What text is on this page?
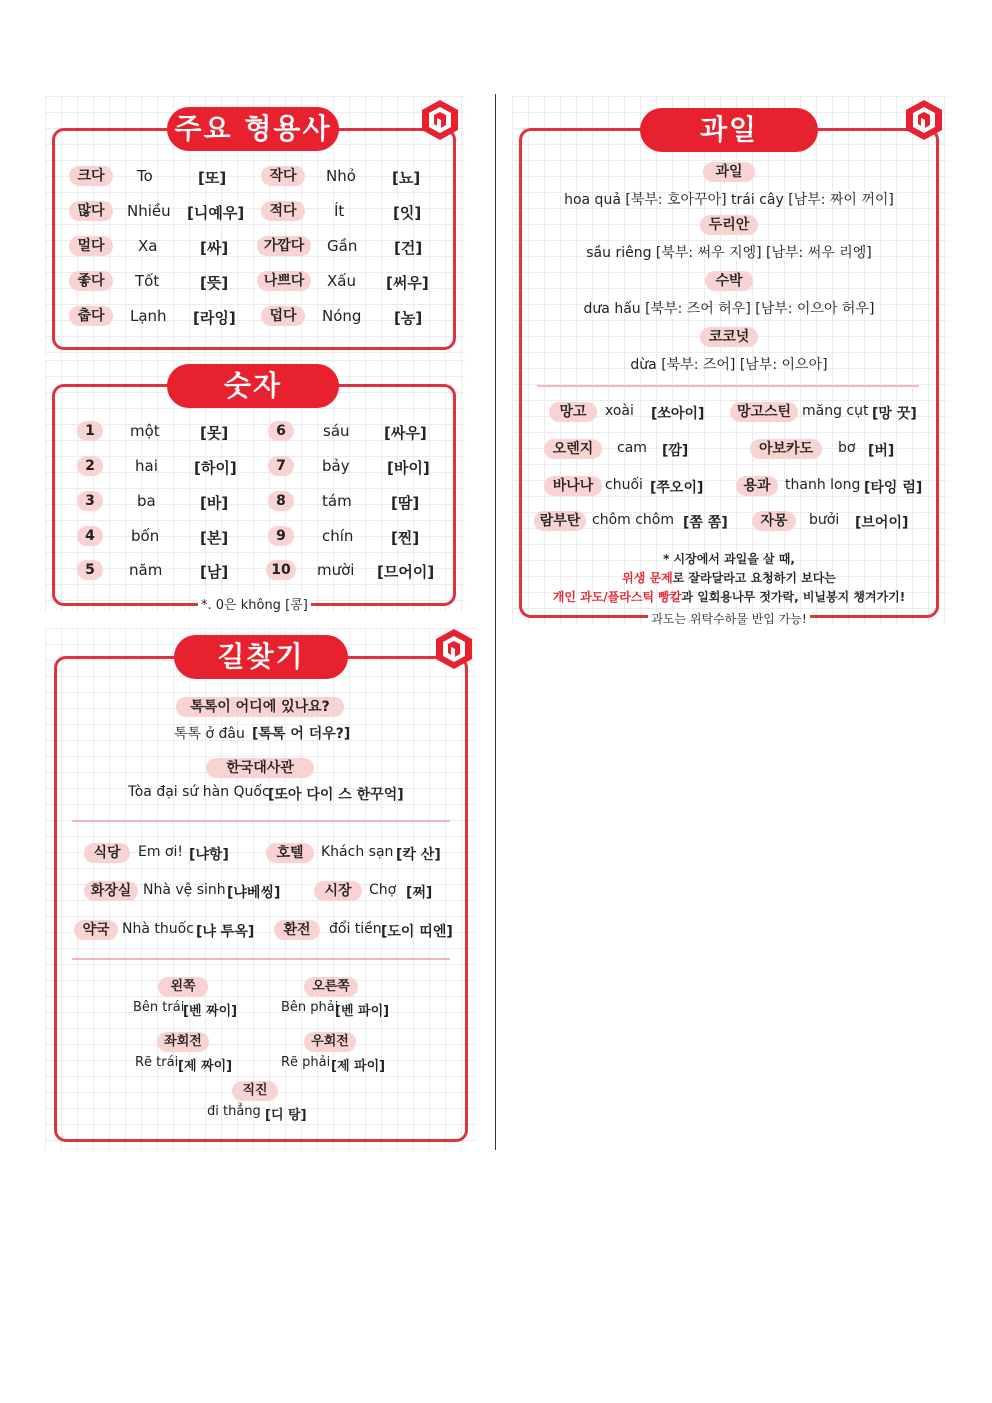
주요 형용사
크다	To	[또]	작다	Nhỏ [뇨]
많다	Nhiều [니예우]	적다	Ít	[잇]
멀다	Xa	[싸]	가깝다	Gần [건]
좋다	Tốt	[뜻]	나쁘다	Xấu [써우]
춥다	Lạnh [라잉]	덥다	Nóng [농]
숫자
1	một	[못]	6	sáu [싸우]
2	hai [하이]	7	bảy [바이]
3	ba	[바]	8	tám	[땀]
4	bốn	[본]	9	chín	[찐]
5	năm	[남]	10	mười [므어이]
*. 0은 không [콩]
길찾기
톡톡이 어디에 있나요?
톡톡 ở đâu [톡톡 어 더우?]
한국대사관
Tòa đại sứ hàn Quốc
[또아 다이 스 한꾸억]
식당	Em ơi! [냐항]	호텔	Khách sạn [칵 산]
화장실 Nhà vệ sinh [냐베씽]	시장	Chợ [쩌]
약국 Nhà thuốc [냐 투옥]	환전	đổi tiền [도이 띠엔]
왼쪽
Bên trái
[벤 짜이]
오른쪽
Bên phải
[벤 파이]
좌회전
Rẽ trái [제 짜이]
우회전
Rẽ phải [제 파이]
직진
đi thẳng [디 탕]
과일
과일
hoa quả [북부: 호아꾸아] trái cây [남부: 짜이 꺼이]
두리안
sầu riêng [북부: 써우 지엥] [남부: 써우 리엥]
수박
dưa hấu [북부: 즈어 허우] [남부: 이으아 허우]
코코넛
dừa [북부: 즈어] [남부: 이으아]
망고	xoài [쏘아이]	망고스틴 măng cụt [망 꿋]
오렌지	cam [깜]	아보카도	bơ [버]
바나나 chuối [쭈오이]	용과	thanh long [타잉 럼]
람부탄 chôm chôm [쫌 쫌]	자몽	bưởi [브어이]
* 시장에서 과일을 살 때,
위생 문제로 잘라달라고 요청하기 보다는
개인 과도/플라스틱 빵칼과 일회용나무 젓가락, 비닐봉지 챙겨가기!
과도는 위탁수하물 반입 가능!
